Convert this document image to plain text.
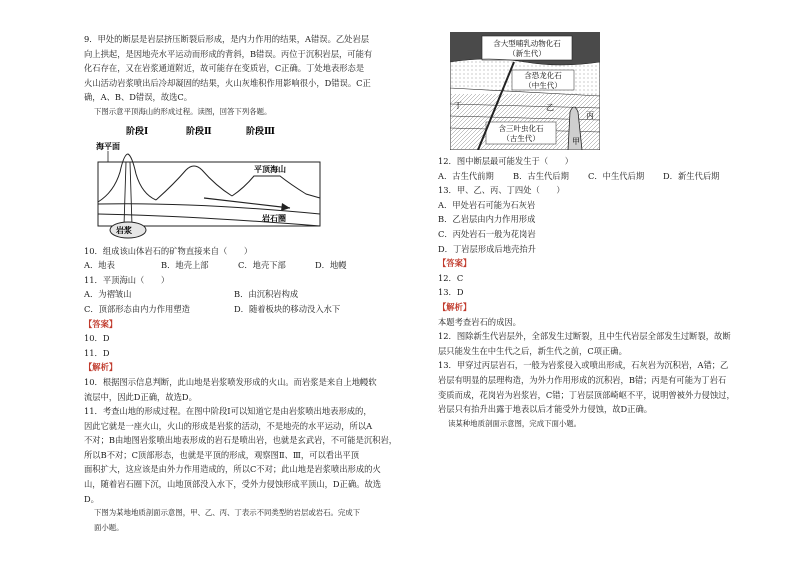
9．甲处的断层是岩层挤压断裂后形成，是内力作用的结果，A错误。乙处岩层
向上拱起，是因地壳水平运动而形成的背斜，B错误。丙位于沉积岩层，可能有
化石存在，又在岩浆通道附近，故可能存在变质岩，C正确。丁处地表形态是
火山活动岩浆喷出后冷却凝固的结果，火山灰堆积作用影响很小，D错误。C正
确，A、B、D错误，故选C。
下图示意平顶海山的形成过程。读图，回答下列各题。
阶段Ⅰ	阶段Ⅱ	阶段Ⅲ
海平面
平顶海山
岩石圈
岩浆
10．组成该山体岩石的矿物直接来自（　　）
A．地表	B．地壳上部	C．地壳下部	D．地幔
11．平顶海山（　　）
A．为褶皱山	B．由沉积岩构成
C．顶部形态由内力作用塑造	D．随着板块的移动没入水下
【答案】
10．D
11．D
【解析】
10．根据图示信息判断，此山地是岩浆喷发形成的火山。而岩浆是来自上地幔软
流层中，因此D正确，故选D。
11．考查山地的形成过程。在图中阶段Ⅰ可以知道它是由岩浆喷出地表形成的，
因此它就是一座火山，火山的形成是岩浆的活动，不是地壳的水平运动，所以A
不对；B由地图岩浆喷出地表形成的岩石是喷出岩，也就是玄武岩，不可能是沉积岩，
所以B不对；C顶部形态，也就是平顶的形成，观察图Ⅱ、Ⅲ，可以看出平顶
面积扩大，这应该是由外力作用造成的，所以C不对；此山地是岩浆喷出形成的火
山，随着岩石圈下沉，山地顶部没入水下，受外力侵蚀形成平顶山，D正确。故选
D。
下图为某地地质剖面示意图，甲、乙、丙、丁表示不同类型的岩层或岩石。完成下
面小题。
含大型哺乳动物化石
（新生代）
含恐龙化石
（中生代）
含三叶虫化石
（古生代）	甲
乙
丙
丁
12．图中断层最可能发生于（　　）
A．古生代前期	B．古生代后期	C．中生代后期	D．新生代后期
13．甲、乙、丙、丁四处（　　）
A．甲处岩石可能为石灰岩
B．乙岩层由内力作用形成
C．丙处岩石一般为花岗岩
D．丁岩层形成后地壳抬升
【答案】
12．C
13．D
【解析】
本题考查岩石的成因。
12．图除新生代岩层外，全部发生过断裂，且中生代岩层全部发生过断裂，故断
层只能发生在中生代之后，新生代之前，C项正确。
13．甲穿过丙层岩石，一般为岩浆侵入或喷出形成，石灰岩为沉积岩，A错；乙
岩层有明显的层理构造，为外力作用形成的沉积岩，B错；丙是有可能为丁岩石
变质而成，花岗岩为岩浆岩，C错；丁岩层顶部崎岖不平，说明曾被外力侵蚀过，
岩层只有抬升出露于地表以后才能受外力侵蚀，故D正确。
读某种地质剖面示意图，完成下面小题。
